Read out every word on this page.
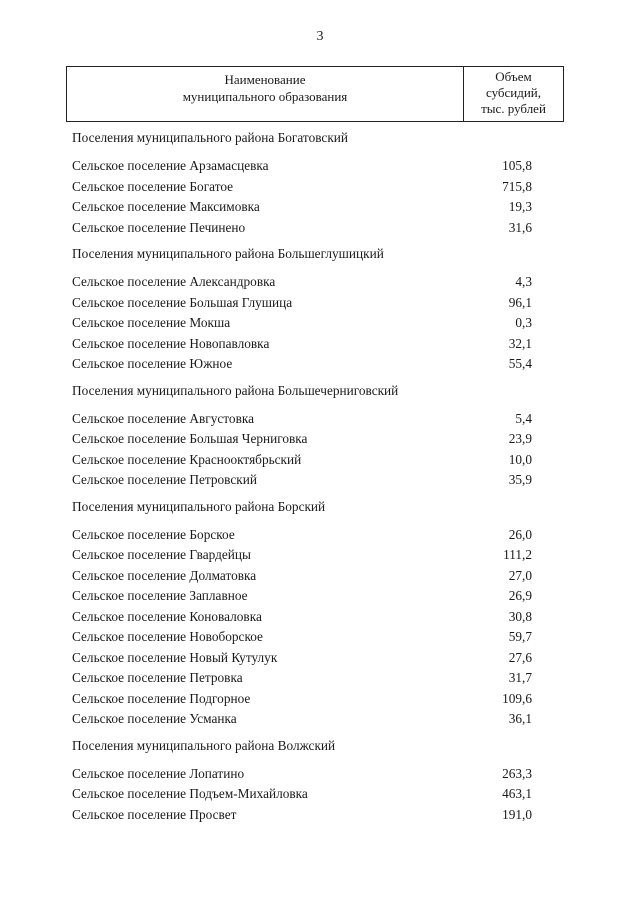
3
Наименование
муниципального образования
Объем
субсидий,
тыс. рублей
Поселения муниципального района Богатовский
Сельское поселение Арзамасцевка	105,8
Сельское поселение Богатое	715,8
Сельское поселение Максимовка	19,3
Сельское поселение Печинено	31,6
Поселения муниципального района Большеглушицкий
Сельское поселение Александровка	4,3
Сельское поселение Большая Глушица	96,1
Сельское поселение Мокша	0,3
Сельское поселение Новопавловка	32,1
Сельское поселение Южное	55,4
Поселения муниципального района Большечерниговский
Сельское поселение Августовка	5,4
Сельское поселение Большая Черниговка	23,9
Сельское поселение Краснооктябрьский	10,0
Сельское поселение Петровский	35,9
Поселения муниципального района Борский
Сельское поселение Борское	26,0
Сельское поселение Гвардейцы	111,2
Сельское поселение Долматовка	27,0
Сельское поселение Заплавное	26,9
Сельское поселение Коноваловка	30,8
Сельское поселение Новоборское	59,7
Сельское поселение Новый Кутулук	27,6
Сельское поселение Петровка	31,7
Сельское поселение Подгорное	109,6
Сельское поселение Усманка	36,1
Поселения муниципального района Волжский
Сельское поселение Лопатино	263,3
Сельское поселение Подъем-Михайловка	463,1
Сельское поселение Просвет	191,0
